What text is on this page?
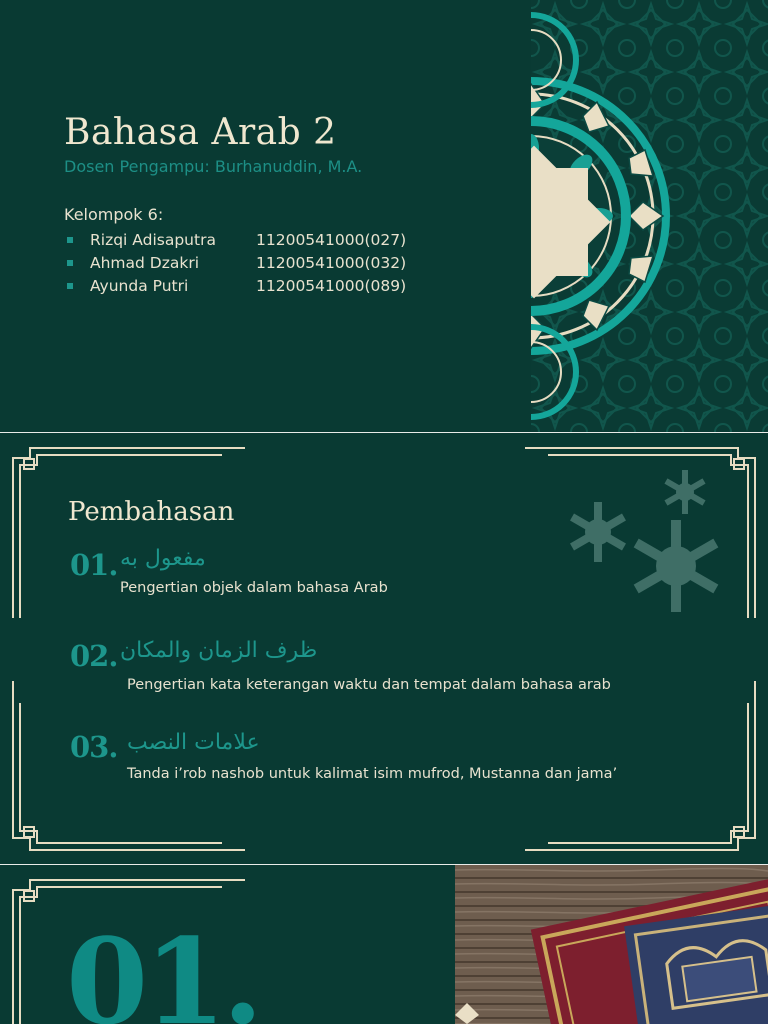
Bahasa Arab 2
Dosen Pengampu: Burhanuddin, M.A.
Kelompok 6:
Rizqi Adisaputra	11200541000(027)
Ahmad Dzakri	11200541000(032)
Ayunda Putri	11200541000(089)
Pembahasan
01. مفعول به
Pengertian objek dalam bahasa Arab
02. ظرف الزمان والمكان
Pengertian kata keterangan waktu dan tempat dalam bahasa arab
03. علامات النصب
Tanda i’rob nashob untuk kalimat isim mufrod, Mustanna dan jama’
01.
